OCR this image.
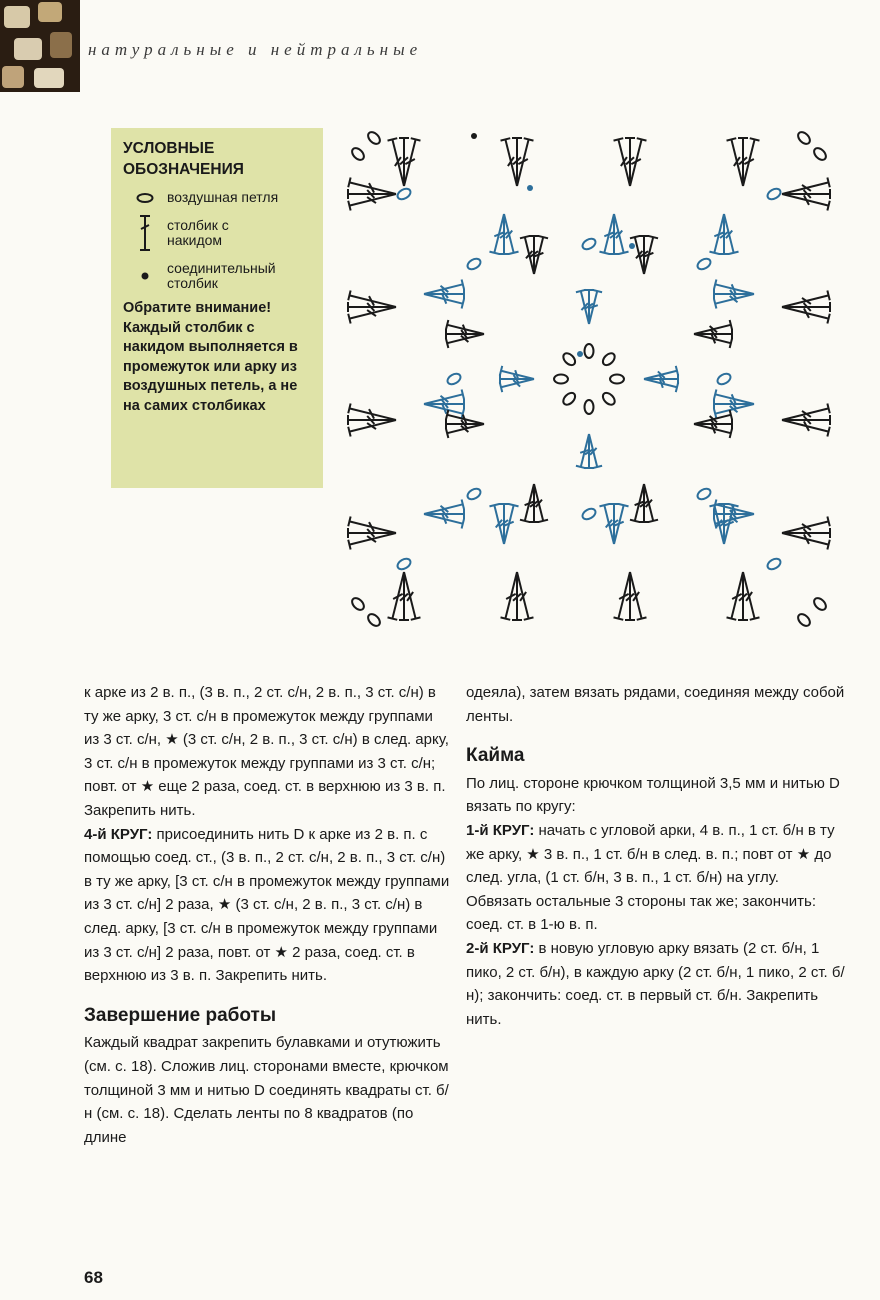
натуральные и нейтральные
УСЛОВНЫЕ ОБОЗНАЧЕНИЯ
воздушная петля
столбик с накидом
соединительный столбик
Обратите внимание! Каждый столбик с накидом выполняется в промежуток или арку из воздушных петель, а не на самих столбиках

к арке из 2 в. п., (3 в. п., 2 ст. с/н, 2 в. п., 3 ст. с/н) в ту же арку, 3 ст. с/н в промежуток между группами из 3 ст. с/н, ★ (3 ст. с/н, 2 в. п., 3 ст. с/н) в след. арку, 3 ст. с/н в промежуток между группами из 3 ст. с/н; повт. от ★ еще 2 раза, соед. ст. в верхнюю из 3 в. п. Закрепить нить.

4-й КРУГ: присоединить нить D к арке из 2 в. п. с помощью соед. ст., (3 в. п., 2 ст. с/н, 2 в. п., 3 ст. с/н) в ту же арку, [3 ст. с/н в промежуток между группами из 3 ст. с/н] 2 раза, ★ (3 ст. с/н, 2 в. п., 3 ст. с/н) в след. арку, [3 ст. с/н в промежуток между группами из 3 ст. с/н] 2 раза, повт. от ★ 2 раза, соед. ст. в верхнюю из 3 в. п. Закрепить нить.

Завершение работы

Каждый квадрат закрепить булавками и отутюжить (см. с. 18). Сложив лиц. сторонами вместе, крючком толщиной 3 мм и нитью D соединять квадраты ст. б/н (см. с. 18). Сделать ленты по 8 квадратов (по длине

одеяла), затем вязать рядами, соединяя между собой ленты.

Кайма

По лиц. стороне крючком толщиной 3,5 мм и нитью D вязать по кругу:

1-й КРУГ: начать с угловой арки, 4 в. п., 1 ст. б/н в ту же арку, ★ 3 в. п., 1 ст. б/н в след. в. п.; повт от ★ до след. угла, (1 ст. б/н, 3 в. п., 1 ст. б/н) на углу. Обвязать остальные 3 стороны так же; закончить: соед. ст. в 1-ю в. п.

2-й КРУГ: в новую угловую арку вязать (2 ст. б/н, 1 пико, 2 ст. б/н), в каждую арку (2 ст. б/н, 1 пико, 2 ст. б/н); закончить: соед. ст. в первый ст. б/н. Закрепить нить.

68
